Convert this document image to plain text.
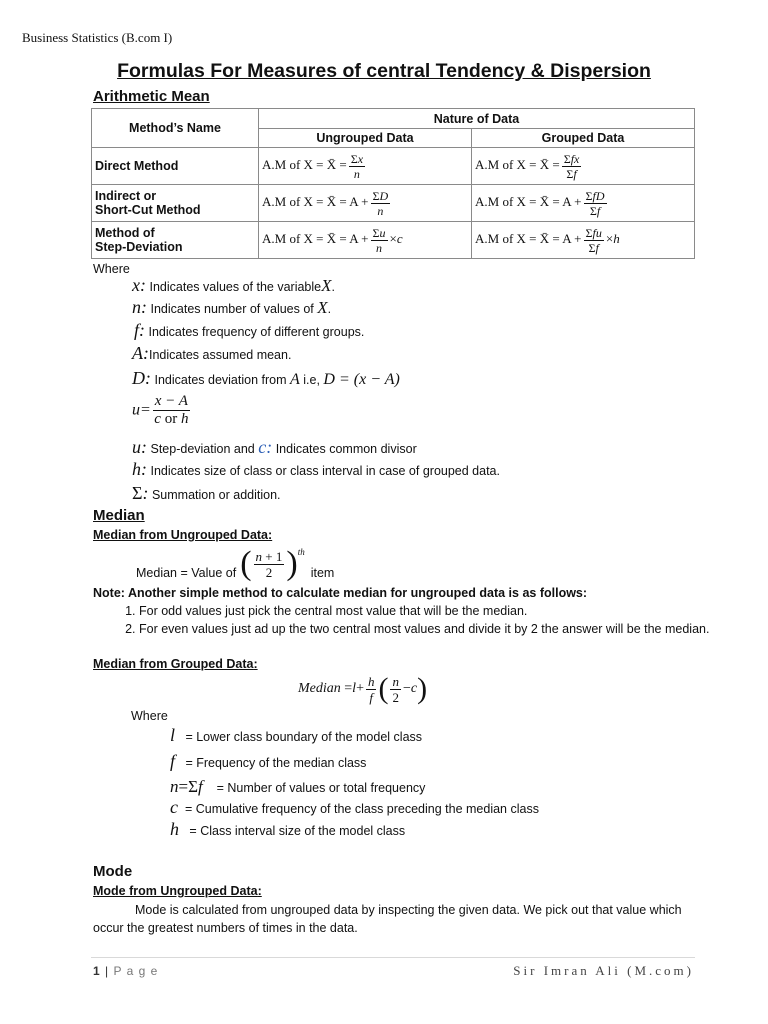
Business Statistics (B.com I)
Formulas For Measures of central Tendency & Dispersion
Arithmetic Mean
Method’s Name	Nature of Data	
	Ungrouped Data	Grouped Data
Direct Method	A.M of X = X̄ = $\frac{\Sigma x}{n}$	A.M of X = X̄ = $\frac{\text{Σfx}}{\Sigma f}$

Indirect or
Short-Cut Method	A.M of X = X̄ = $A + \frac{\Sigma D}{n}$	A.M of X = X̄ = $A + \frac{\text{ΣfD}}{\Sigma f}$

Method of
Step-Deviation	A.M of X = X̄ = $A + \frac{\Sigma u}{n} \times c$	A.M of X = X̄ = $A + \frac{\text{Σfu}}{\Sigma f} \times h$
Where
x: Indicates values of the variableX.
n: Indicates number of values of X.
f: Indicates frequency of different groups.
A:Indicates assumed mean.
D: Indicates deviation from A i.e, D = (x − A)
$u= \frac{x - A}{\text{c or h}}$
u: Step-deviation and c: Indicates common divisor
h: Indicates size of class or class interval in case of grouped data.
Σ: Summation or addition.
Median
Median from Ungrouped Data:
Median = Value of ( $\frac{n + 1}{2} )^{th}$
item
Note: Another simple method to calculate median for ungrouped data is as follows:
1. For odd values just pick the central most value that will be the median.
2. For even values just ad up the two central most values and divide it by 2 the answer will be the median.
Median from Grouped Data:
Median = $l + \frac{h}{f}$ ( $\frac{n}{2} - c$ )
Where
l = Lower class boundary of the model class
f = Frequency of the median class
n=Σf = Number of values or total frequency
c = Cumulative frequency of the class preceding the median class
h = Class interval size of the model class
Mode
Mode from Ungrouped Data:
Mode is calculated from ungrouped data by inspecting the given data. We pick out that value which occur the greatest numbers of times in the data.
1 | P a g e	Sir Imran Ali (M.com)
